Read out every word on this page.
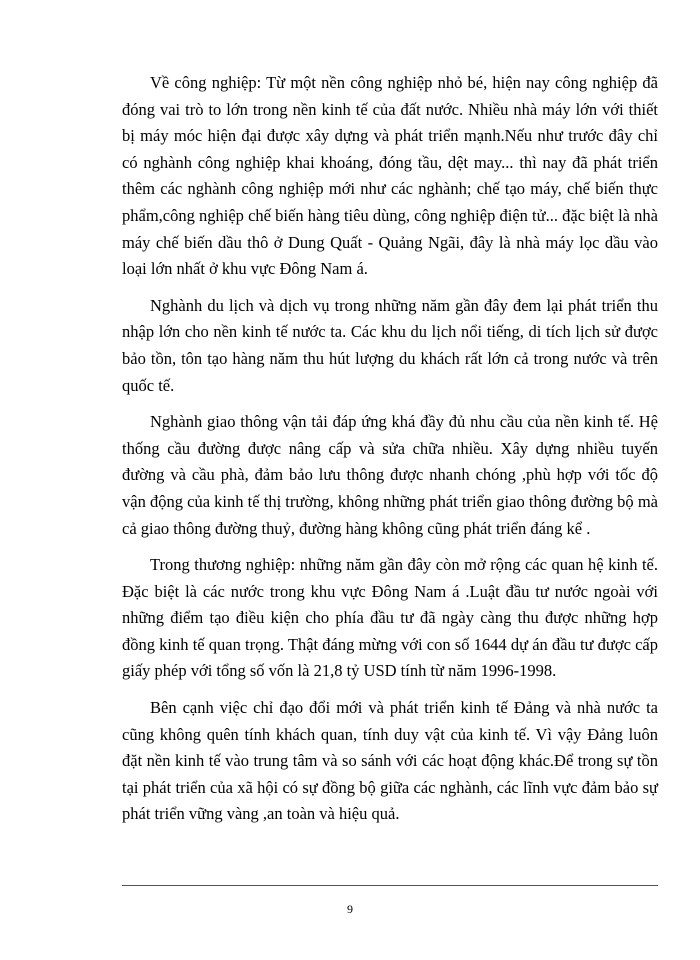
Về công nghiệp: Từ một nền công nghiệp nhỏ bé, hiện nay công nghiệp đã đóng vai trò to lớn trong nền kinh tế của đất nước. Nhiều nhà máy lớn với thiết bị máy móc hiện đại được xây dựng và phát triển mạnh.Nếu như trước đây chỉ có nghành công nghiệp khai khoáng, đóng tầu, dệt may... thì nay đã phát triển thêm các nghành công nghiệp mới như các nghành; chế tạo máy, chế biến thực phẩm,công nghiệp chế biến hàng tiêu dùng, công nghiệp điện tử... đặc biệt là nhà máy chế biến dầu thô ở Dung Quất - Quảng Ngãi, đây là nhà máy lọc dầu vào loại lớn nhất ở khu vực Đông Nam á.

Nghành du lịch và dịch vụ trong những năm gần đây đem lại phát triển thu nhập lớn cho nền kinh tế nước ta. Các khu du lịch nổi tiếng, di tích lịch sử được bảo tồn, tôn tạo hàng năm thu hút lượng du khách rất lớn cả trong nước và trên quốc tế.

Nghành giao thông vận tải đáp ứng khá đầy đủ nhu cầu của nền kinh tế. Hệ thống cầu đường được nâng cấp và sửa chữa nhiều. Xây dựng nhiều tuyến đường và cầu phà, đảm bảo lưu thông được nhanh chóng ,phù hợp với tốc độ vận động của kinh tế thị trường, không những phát triển giao thông đường bộ mà cả giao thông đường thuỷ, đường hàng không cũng phát triển đáng kể .

Trong thương nghiệp: những năm gần đây còn mở rộng các quan hệ kinh tế. Đặc biệt là các nước trong khu vực Đông Nam á .Luật đầu tư nước ngoài với những điểm tạo điều kiện cho phía đầu tư đã ngày càng thu được những hợp đồng kinh tế quan trọng. Thật đáng mừng với con số 1644 dự án đầu tư được cấp giấy phép với tổng số vốn là 21,8 tỷ USD tính từ năm 1996-1998.

Bên cạnh việc chỉ đạo đổi mới và phát triển kinh tế Đảng và nhà nước ta cũng không quên tính khách quan, tính duy vật của kinh tế. Vì vậy Đảng luôn đặt nền kinh tế vào trung tâm và so sánh với các hoạt động khác.Để trong sự tồn tại phát triển của xã hội có sự đồng bộ giữa các nghành, các lĩnh vực đảm bảo sự phát triển vững vàng ,an toàn và hiệu quả.

9
